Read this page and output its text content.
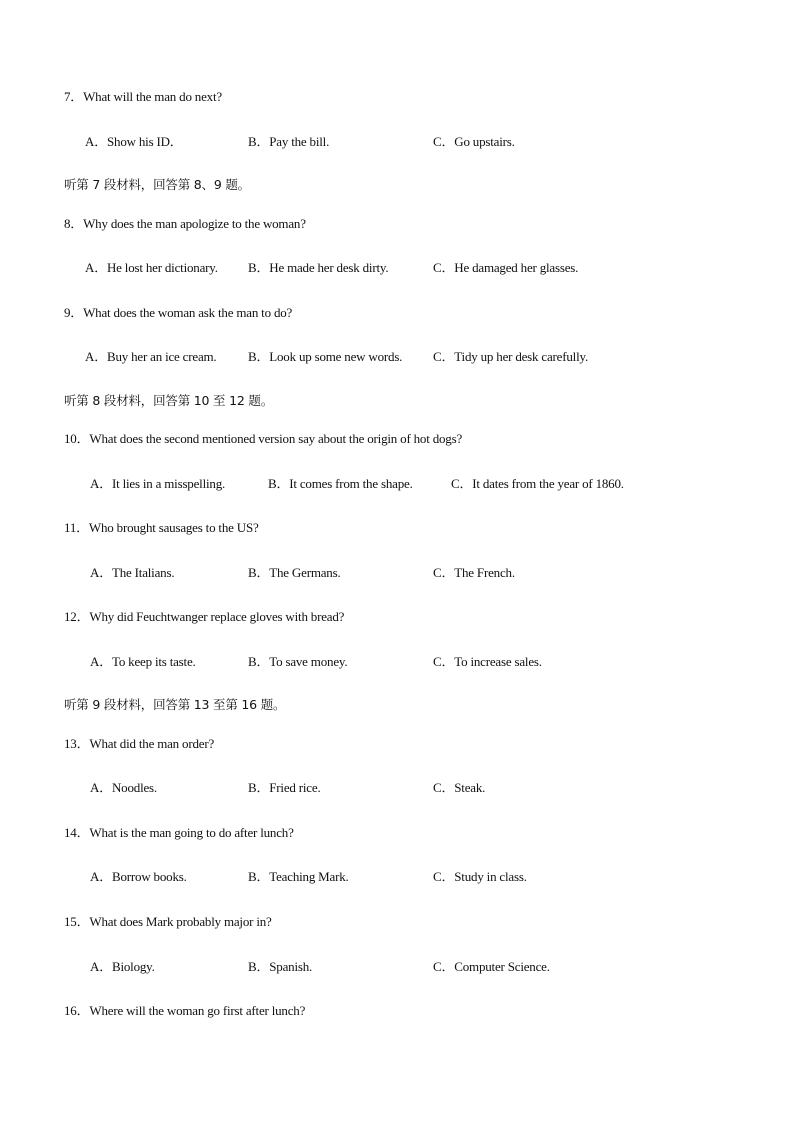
7．What will the man do next?
A．Show his ID．	B．Pay the bill.	C．Go upstairs.
听第 7 段材料，回答第 8、9 题。
8．Why does the man apologize to the woman?
A．He lost her dictionary. B．He made her desk dirty.	C．He damaged her glasses.
9．What does the woman ask the man to do?
A．Buy her an ice cream. B．Look up some new words. C．Tidy up her desk carefully.
听第 8 段材料，回答第 10 至 12 题。
10．What does the second mentioned version say about the origin of hot dogs?
A．It lies in a misspelling.	B．It comes from the shape.	C．It dates from the year of 1860.
11．Who brought sausages to the US?
A．The Italians.	B．The Germans.	C．The French.
12．Why did Feuchtwanger replace gloves with bread?
A．To keep its taste.	B．To save money.	C．To increase sales.
听第 9 段材料，回答第 13 至第 16 题。
13．What did the man order?
A．Noodles.	B．Fried rice.	C．Steak.
14．What is the man going to do after lunch?
A．Borrow books.	B．Teaching Mark.	C．Study in class.
15．What does Mark probably major in?
A．Biology.	B．Spanish.	C．Computer Science.
16．Where will the woman go first after lunch?
